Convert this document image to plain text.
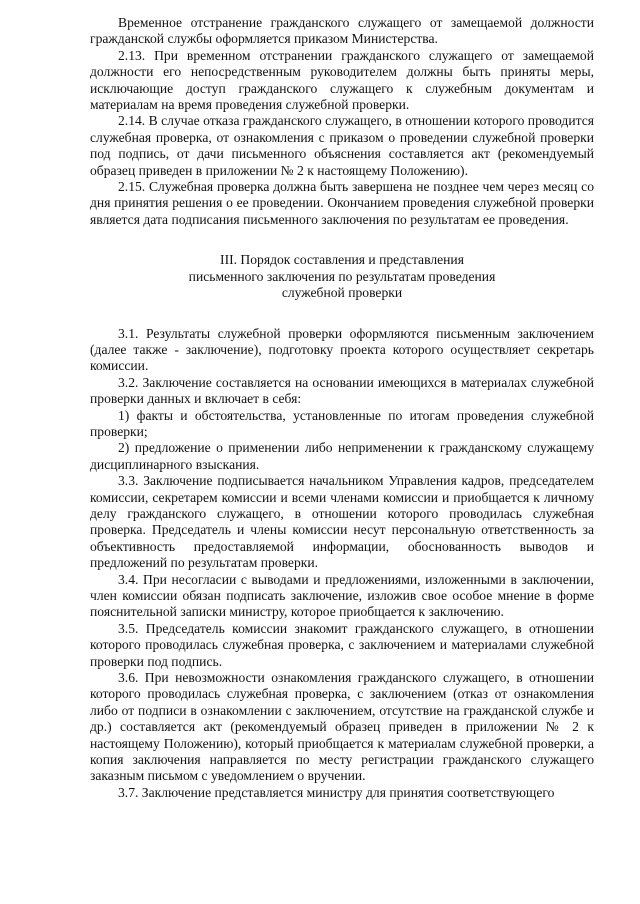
Временное отстранение гражданского служащего от замещаемой должности гражданской службы оформляется приказом Министерства.

2.13. При временном отстранении гражданского служащего от замещаемой должности его непосредственным руководителем должны быть приняты меры, исключающие доступ гражданского служащего к служебным документам и материалам на время проведения служебной проверки.

2.14. В случае отказа гражданского служащего, в отношении которого проводится служебная проверка, от ознакомления с приказом о проведении служебной проверки под подпись, от дачи письменного объяснения составляется акт (рекомендуемый образец приведен в приложении № 2 к настоящему Положению).

2.15. Служебная проверка должна быть завершена не позднее чем через месяц со дня принятия решения о ее проведении. Окончанием проведения служебной проверки является дата подписания письменного заключения по результатам ее проведения.

III. Порядок составления и представления
письменного заключения по результатам проведения
служебной проверки

3.1. Результаты служебной проверки оформляются письменным заключением (далее также - заключение), подготовку проекта которого осуществляет секретарь комиссии.

3.2. Заключение составляется на основании имеющихся в материалах служебной проверки данных и включает в себя:

1) факты и обстоятельства, установленные по итогам проведения служебной проверки;

2) предложение о применении либо неприменении к гражданскому служащему дисциплинарного взыскания.

3.3. Заключение подписывается начальником Управления кадров, председателем комиссии, секретарем комиссии и всеми членами комиссии и приобщается к личному делу гражданского служащего, в отношении которого проводилась служебная проверка. Председатель и члены комиссии несут персональную ответственность за объективность предоставляемой информации, обоснованность выводов и предложений по результатам проверки.

3.4. При несогласии с выводами и предложениями, изложенными в заключении, член комиссии обязан подписать заключение, изложив свое особое мнение в форме пояснительной записки министру, которое приобщается к заключению.

3.5. Председатель комиссии знакомит гражданского служащего, в отношении которого проводилась служебная проверка, с заключением и материалами служебной проверки под подпись.

3.6. При невозможности ознакомления гражданского служащего, в отношении которого проводилась служебная проверка, с заключением (отказ от ознакомления либо от подписи в ознакомлении с заключением, отсутствие на гражданской службе и др.) составляется акт (рекомендуемый образец приведен в приложении № 2 к настоящему Положению), который приобщается к материалам служебной проверки, а копия заключения направляется по месту регистрации гражданского служащего заказным письмом с уведомлением о вручении.

3.7. Заключение представляется министру для принятия соответствующего
